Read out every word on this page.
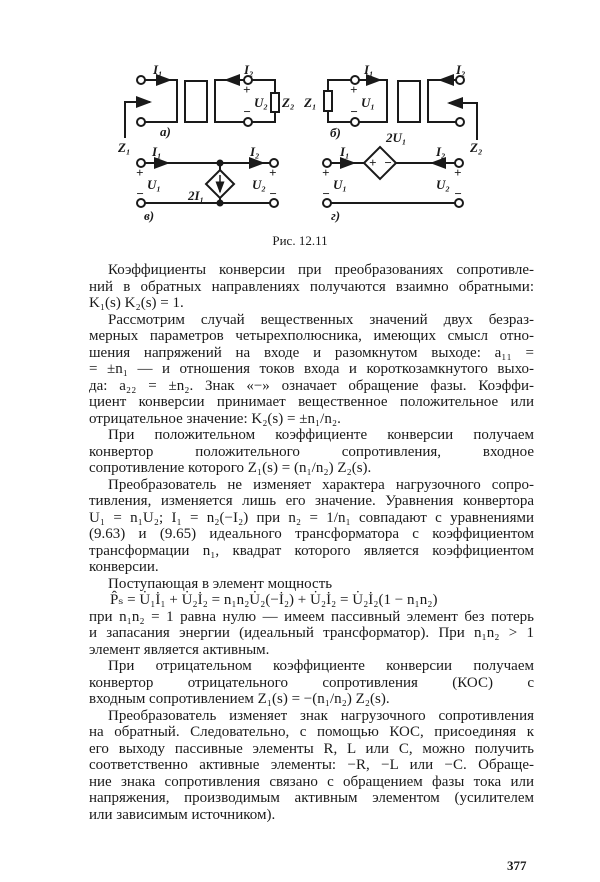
I₁	I₂
+
U₂ Z₂
−
а)
Z₁
I₁
+
U₁
Z₁
−
I₂
б)
Z₂
I₁	I₂
+	+
U₁	U₂
−	−
2I₁
в)
I₁
+ −
2U₁
I₂
+	+
U₁	U₂
−	−
г)
Рис. 12.11
Коэффициенты конверсии при преобразованиях сопротивле-
ний в обратных направлениях получаются взаимно обратными:
K₁(s) K₂(s) = 1.
Рассмотрим случай вещественных значений двух безраз-
мерных параметров четырехполюсника, имеющих смысл отно-
шения напряжений на входе и разомкнутом выходе: a₁₁ =
= ±n₁ — и отношения токов входа и короткозамкнутого выхо-
да: a₂₂ = ±n₂. Знак «−» означает обращение фазы. Коэффи-
циент конверсии принимает вещественное положительное или
отрицательное значение: K₂(s) = ±n₁/n₂.
При положительном коэффициенте конверсии получаем
конвертор положительного сопротивления, входное
сопротивление которого Z₁(s) = (n₁/n₂) Z₂(s).
Преобразователь не изменяет характера нагрузочного сопро-
тивления, изменяется лишь его значение. Уравнения конвертора
U₁ = n₁U₂; I₁ = n₂(−I₂) при n₂ = 1/n₁ совпадают с уравнениями
(9.63) и (9.65) идеального трансформатора с коэффициентом
трансформации n₁, квадрат которого является коэффициентом
конверсии.
Поступающая в элемент мощность
P̂ₛ = U̇₁İ₁ + U̇₂İ₂ = n₁n₂U̇₂(−İ₂) + U̇₂İ₂ = U̇₂İ₂(1 − n₁n₂)
при n₁n₂ = 1 равна нулю — имеем пассивный элемент без потерь
и запасания энергии (идеальный трансформатор). При n₁n₂ > 1
элемент является активным.
При отрицательном коэффициенте конверсии получаем
конвертор отрицательного сопротивления (КОС) с
входным сопротивлением Z₁(s) = −(n₁/n₂) Z₂(s).
Преобразователь изменяет знак нагрузочного сопротивления
на обратный. Следовательно, с помощью КОС, присоединяя к
его выходу пассивные элементы R, L или C, можно получить
соответственно активные элементы: −R, −L или −C. Обраще-
ние знака сопротивления связано с обращением фазы тока или
напряжения, производимым активным элементом (усилителем
или зависимым источником).
377
